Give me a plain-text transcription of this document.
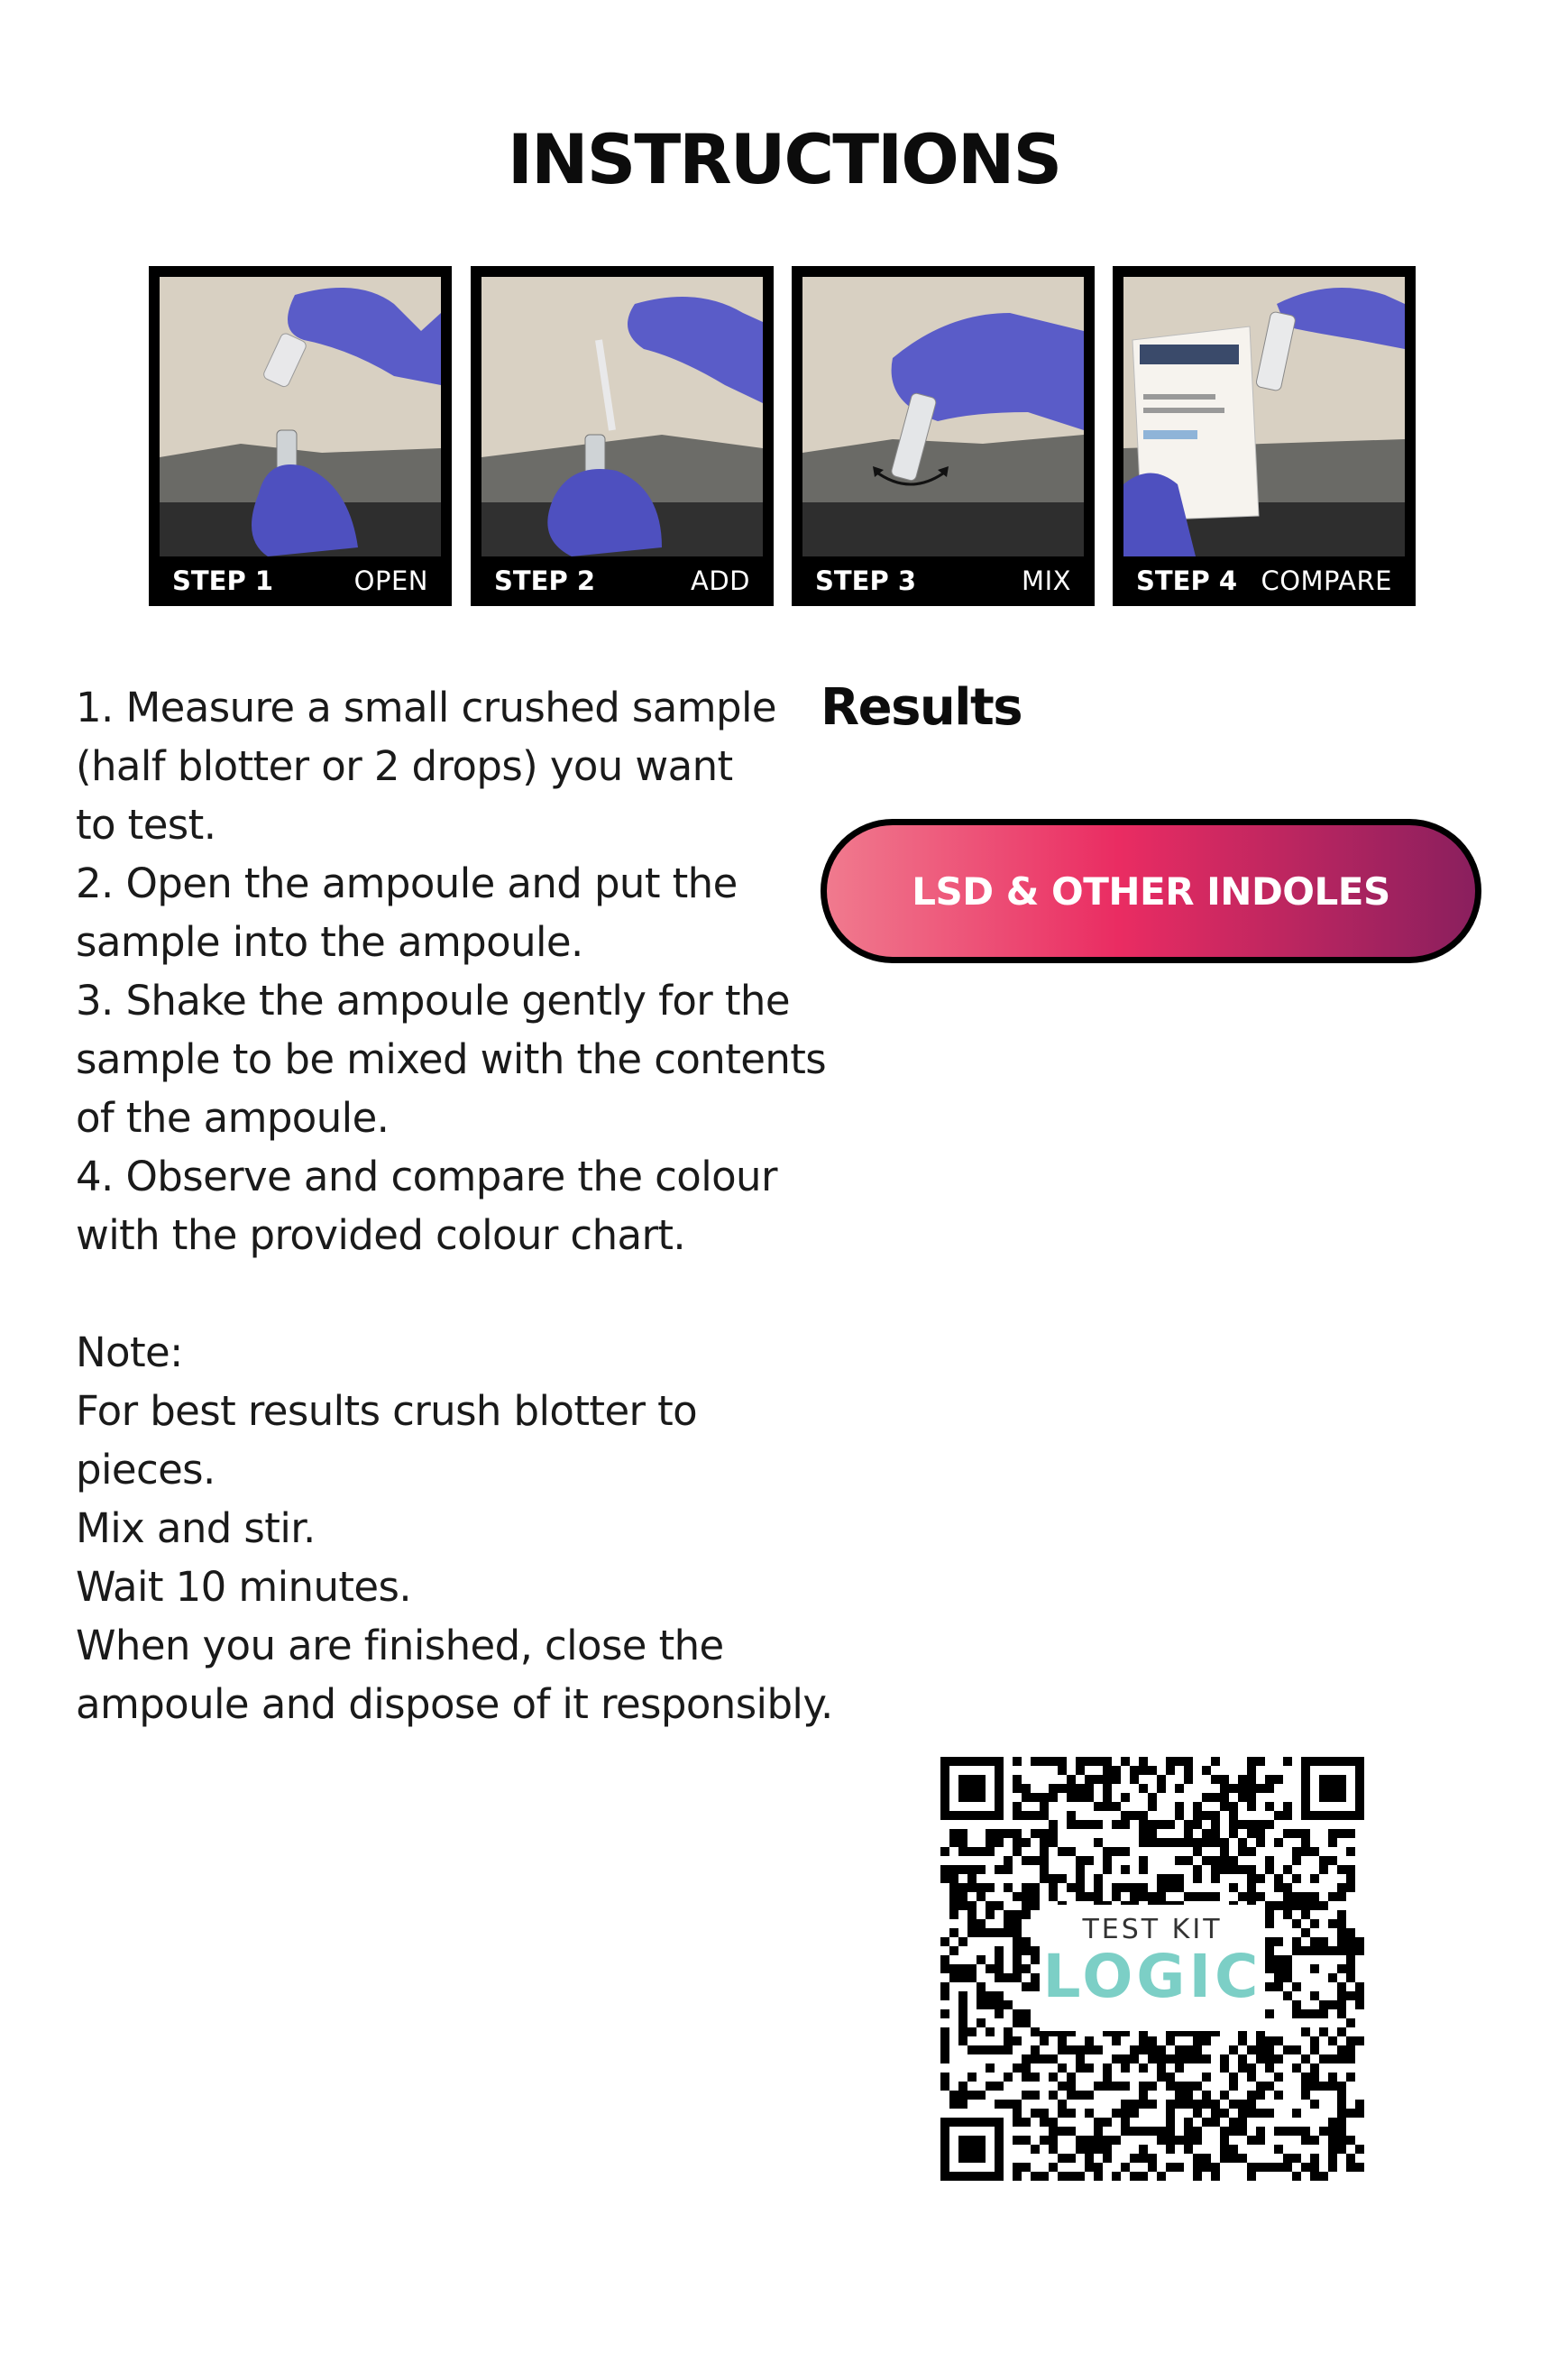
INSTRUCTIONS
STEP 1	OPEN	STEP 2	ADD	STEP 3	MIX	STEP 4 COMPARE

1. Measure a small crushed sample
(half blotter or 2 drops) you want
to test.
2. Open the ampoule and put the
sample into the ampoule.
3. Shake the ampoule gently for the
sample to be mixed with the contents
of the ampoule.
4. Observe and compare the colour
with the provided colour chart.

Note:
For best results crush blotter to
pieces.
Mix and stir.
Wait 10 minutes.
When you are finished, close the
ampoule and dispose of it responsibly.

Results
LSD & OTHER INDOLES
TEST KIT
LOGIC
